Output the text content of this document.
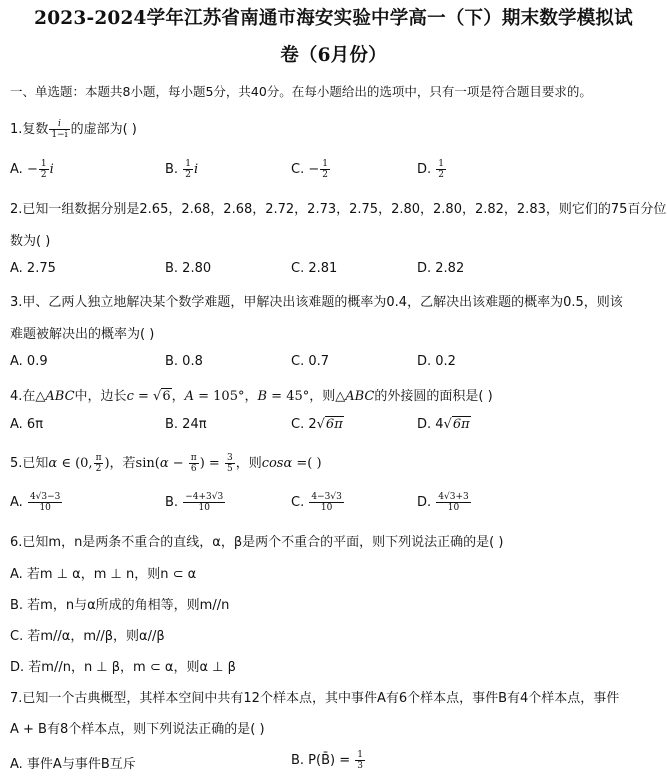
2023-2024学年江苏省南通市海安实验中学高一（下）期末数学模拟试
卷（6月份）
一、单选题：本题共8小题，每小题5分，共40分。在每小题给出的选项中，只有一项是符合题目要求的。
1.复数 $\frac{i}{1-i}$ 的虚部为( )
A. − $\frac{1}{2}$ i	B. $\frac{1}{2}$ i	C. − $\frac{1}{2}$	D. $\frac{1}{2}$
2.已知一组数据分别是2.65，2.68，2.68，2.72，2.73，2.75，2.80，2.80，2.82，2.83，则它们的75百分位
数为( )
A. 2.75	B. 2.80	C. 2.81	D. 2.82
3.甲、乙两人独立地解决某个数学难题，甲解决出该难题的概率为0.4，乙解决出该难题的概率为0.5，则该
难题被解决出的概率为( )
A. 0.9	B. 0.8	C. 0.7	D. 0.2
4.在△ABC中，边长c = √6，A = 105°，B = 45°，则△ABC的外接圆的面积是( )
A. 6π	B. 24π	C. 2√6π	D. 4√6π
5.已知α ∈ (0, $\frac{\pi}{2}$ )，若$\sin(\alpha - \frac{\pi}{6}$ ) = $\frac{3}{5}$ ，则cosα =( )
A. $\frac{4√3-3}{10}$	B. $\frac{-4+3√3}{10}$	C. $\frac{4-3√3}{10}$	D. $\frac{4√3+3}{10}$
6.已知m，n是两条不重合的直线，α，β是两个不重合的平面，则下列说法正确的是( )
A. 若m ⊥ α，m ⊥ n，则n ⊂ α
B. 若m，n与α所成的角相等，则m//n
C. 若m//α，m//β，则α//β
D. 若m//n，n ⊥ β，m ⊂ α，则α ⊥ β
7.已知一个古典概型，其样本空间中共有12个样本点，其中事件A有6个样本点，事件B有4个样本点，事件
A + B有8个样本点，则下列说法正确的是( )
A. 事件A与事件B互斥	B. P(B̄) = $\frac{1}{3}$
